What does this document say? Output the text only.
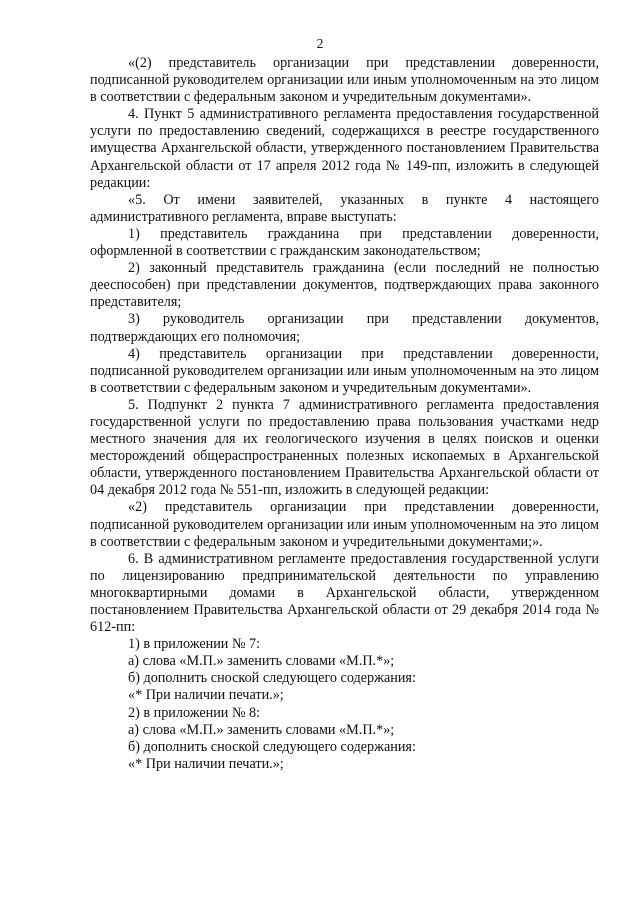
2

«(2) представитель организации при представлении доверенности, подписанной руководителем организации или иным уполномоченным на это лицом в соответствии с федеральным законом и учредительным документами».

4. Пункт 5 административного регламента предоставления государственной услуги по предоставлению сведений, содержащихся в реестре государственного имущества Архангельской области, утвержденного постановлением Правительства Архангельской области от 17 апреля 2012 года № 149-пп, изложить в следующей редакции:

«5. От имени заявителей, указанных в пункте 4 настоящего административного регламента, вправе выступать:

1) представитель гражданина при представлении доверенности, оформленной в соответствии с гражданским законодательством;

2) законный представитель гражданина (если последний не полностью дееспособен) при представлении документов, подтверждающих права законного представителя;

3) руководитель организации при представлении документов, подтверждающих его полномочия;

4) представитель организации при представлении доверенности, подписанной руководителем организации или иным уполномоченным на это лицом в соответствии с федеральным законом и учредительным документами».

5. Подпункт 2 пункта 7 административного регламента предоставления государственной услуги по предоставлению права пользования участками недр местного значения для их геологического изучения в целях поисков и оценки месторождений общераспространенных полезных ископаемых в Архангельской области, утвержденного постановлением Правительства Архангельской области от 04 декабря 2012 года № 551-пп, изложить в следующей редакции:

«2) представитель организации при представлении доверенности, подписанной руководителем организации или иным уполномоченным на это лицом в соответствии с федеральным законом и учредительными документами;».

6. В административном регламенте предоставления государственной услуги по лицензированию предпринимательской деятельности по управлению многоквартирными домами в Архангельской области, утвержденном постановлением Правительства Архангельской области от 29 декабря 2014 года № 612-пп:

1) в приложении № 7:

а) слова «М.П.» заменить словами «М.П.*»;

б) дополнить сноской следующего содержания:

«* При наличии печати.»;

2) в приложении № 8:

а) слова «М.П.» заменить словами «М.П.*»;

б) дополнить сноской следующего содержания:

«* При наличии печати.»;
